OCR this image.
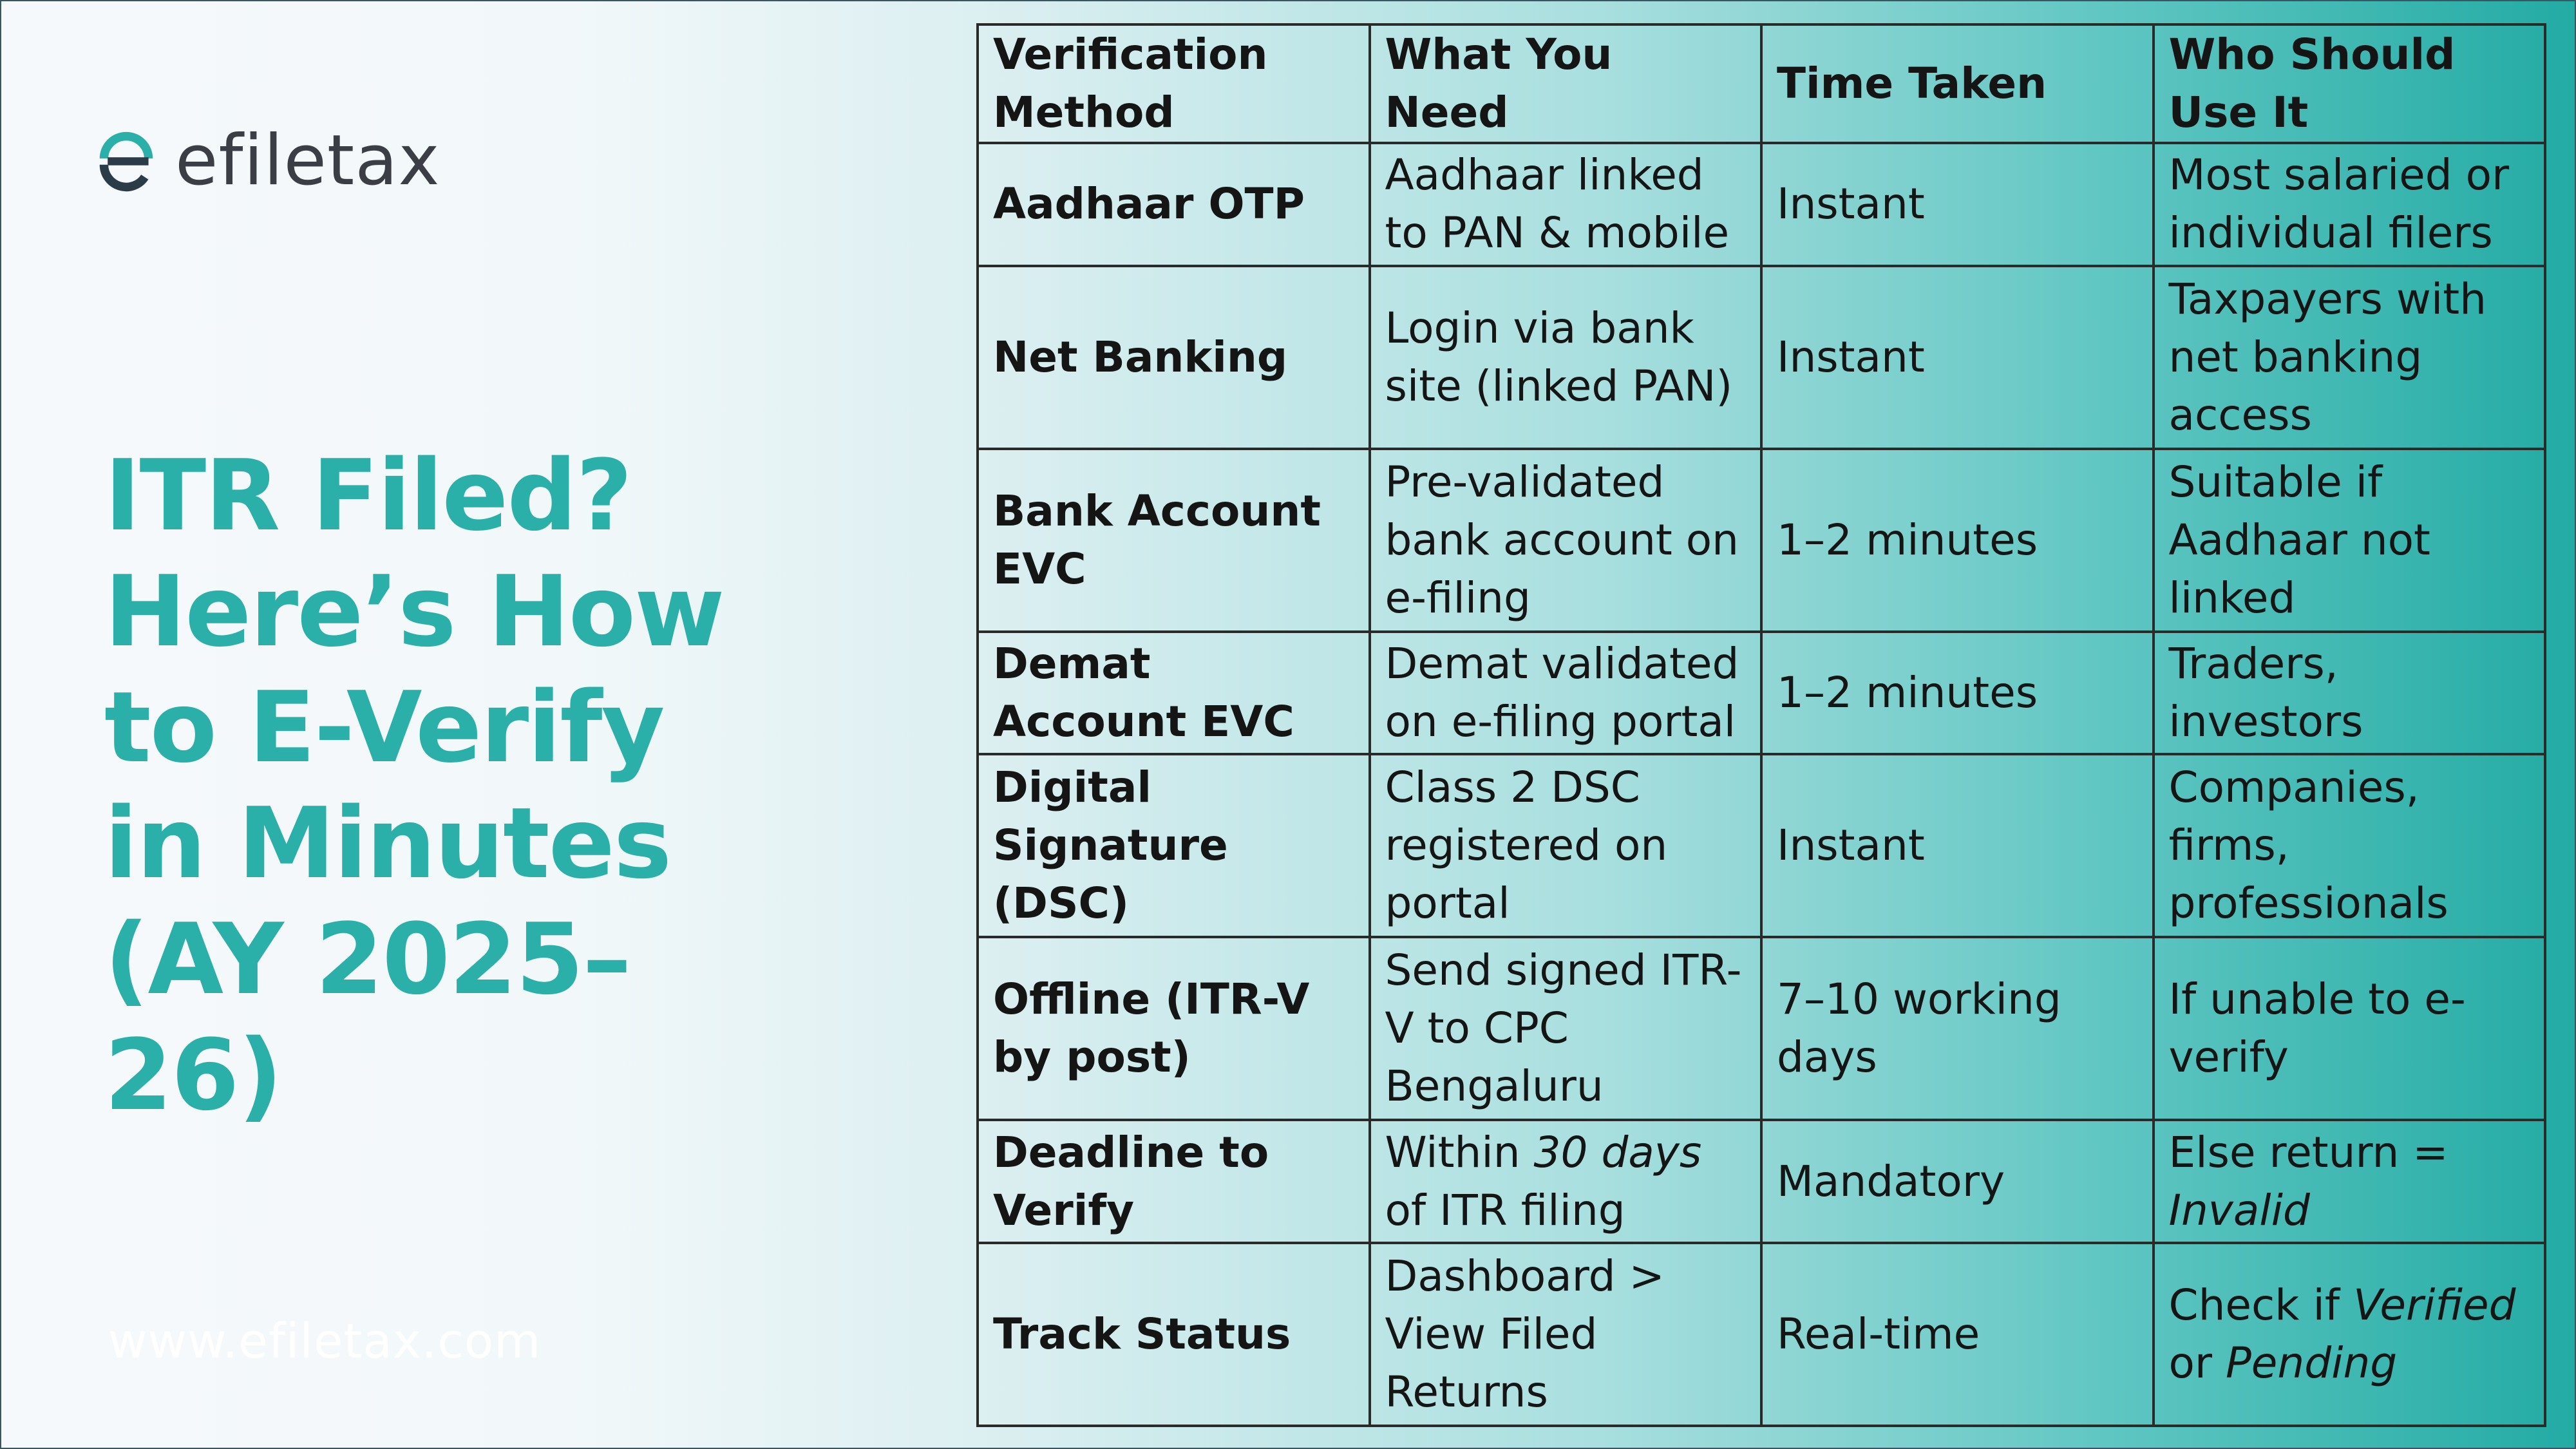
efiletax
ITR Filed?
Here’s How
to E-Verify
in Minutes
(AY 2025–
26)
www.efiletax.com
Verification Method	What You Need	Time Taken	Who Should Use It
Aadhaar OTP	Aadhaar linked to PAN & mobile	Instant	Most salaried or individual filers
Net Banking	Login via bank site (linked PAN)	Instant	Taxpayers with net banking access
Bank Account EVC	Pre-validated bank account on e-filing	1–2 minutes	Suitable if Aadhaar not linked
Demat Account EVC	Demat validated on e-filing portal	1–2 minutes	Traders, investors
Digital Signature (DSC)	Class 2 DSC registered on portal	Instant	Companies, firms, professionals
Offline (ITR-V by post)	Send signed ITR-V to CPC Bengaluru	7–10 working days	If unable to e-verify
Deadline to Verify	Within 30 days of ITR filing	Mandatory	Else return = Invalid
Track Status	Dashboard > View Filed Returns	Real-time	Check if Verified or Pending
